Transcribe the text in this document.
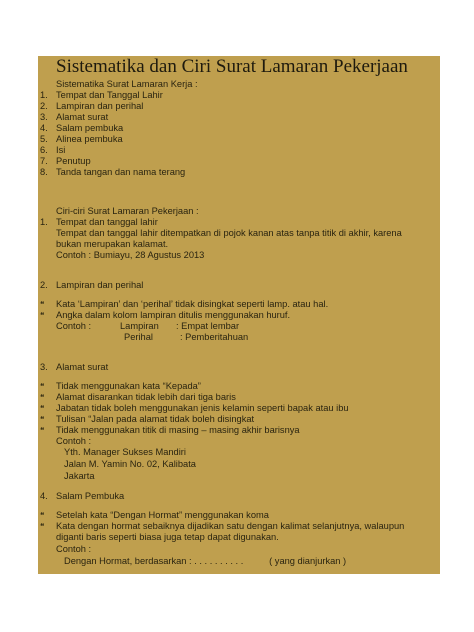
Sistematika dan Ciri Surat Lamaran Pekerjaan
Sistematika Surat Lamaran Kerja :
1. Tempat dan Tanggal Lahir
2. Lampiran dan perihal
3. Alamat surat
4. Salam pembuka
5. Alinea pembuka
6. Isi
7. Penutup
8. Tanda tangan dan nama terang
Ciri-ciri Surat Lamaran Pekerjaan :
1. Tempat dan tanggal lahir
Tempat dan tanggal lahir ditempatkan di pojok kanan atas tanpa titik di akhir, karena bukan merupakan kalamat.
Contoh : Bumiayu, 28 Agustus 2013
2. Lampiran dan perihal
❝ Kata ‘Lampiran’ dan ‘perihal’ tidak disingkat seperti lamp. atau hal.
❝ Angka dalam kolom lampiran ditulis menggunakan huruf.
Contoh :	Lampiran : Empat lembar
Perihal	: Pemberitahuan
3. Alamat surat
❝ Tidak menggunakan kata “Kepada”
❝ Alamat disarankan tidak lebih dari tiga baris
❝ Jabatan tidak boleh menggunakan jenis kelamin seperti bapak atau ibu
❝ Tulisan “Jalan pada alamat tidak boleh disingkat
❝ Tidak menggunakan titik di masing – masing akhir barisnya
Contoh :
Yth. Manager Sukses Mandiri
Jalan M. Yamin No. 02, Kalibata
Jakarta
4. Salam Pembuka
❝ Setelah kata “Dengan Hormat” menggunakan koma
❝ Kata dengan hormat sebaiknya dijadikan satu dengan kalimat selanjutnya, walaupun diganti baris seperti biasa juga tetap dapat digunakan.
Contoh :
Dengan Hormat, berdasarkan : . . . . . . . . . .          ( yang dianjurkan )
